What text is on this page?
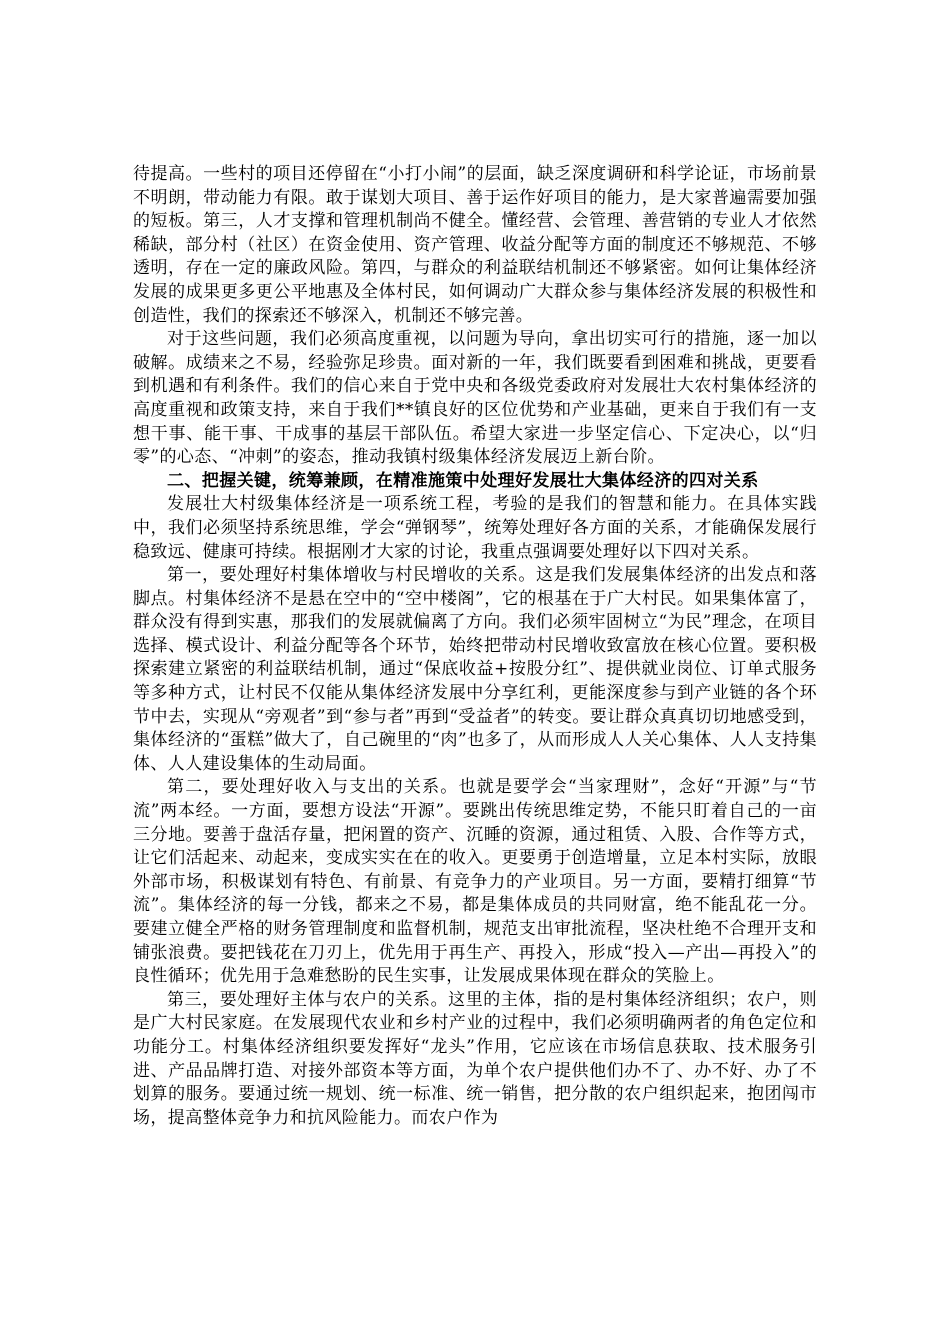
待提高。一些村的项目还停留在“小打小闹”的层面，缺乏深度调研和科学论证，市场前景不明朗，带动能力有限。敢于谋划大项目、善于运作好项目的能力，是大家普遍需要加强的短板。第三，人才支撑和管理机制尚不健全。懂经营、会管理、善营销的专业人才依然稀缺，部分村（社区）在资金使用、资产管理、收益分配等方面的制度还不够规范、不够透明，存在一定的廉政风险。第四，与群众的利益联结机制还不够紧密。如何让集体经济发展的成果更多更公平地惠及全体村民，如何调动广大群众参与集体经济发展的积极性和创造性，我们的探索还不够深入，机制还不够完善。

对于这些问题，我们必须高度重视，以问题为导向，拿出切实可行的措施，逐一加以破解。成绩来之不易，经验弥足珍贵。面对新的一年，我们既要看到困难和挑战，更要看到机遇和有利条件。我们的信心来自于党中央和各级党委政府对发展壮大农村集体经济的高度重视和政策支持，来自于我们**镇良好的区位优势和产业基础，更来自于我们有一支想干事、能干事、干成事的基层干部队伍。希望大家进一步坚定信心、下定决心，以“归零”的心态、“冲刺”的姿态，推动我镇村级集体经济发展迈上新台阶。

二、把握关键，统筹兼顾，在精准施策中处理好发展壮大集体经济的四对关系

发展壮大村级集体经济是一项系统工程，考验的是我们的智慧和能力。在具体实践中，我们必须坚持系统思维，学会“弹钢琴”，统筹处理好各方面的关系，才能确保发展行稳致远、健康可持续。根据刚才大家的讨论，我重点强调要处理好以下四对关系。

第一，要处理好村集体增收与村民增收的关系。这是我们发展集体经济的出发点和落脚点。村集体经济不是悬在空中的“空中楼阁”，它的根基在于广大村民。如果集体富了，群众没有得到实惠，那我们的发展就偏离了方向。我们必须牢固树立“为民”理念，在项目选择、模式设计、利益分配等各个环节，始终把带动村民增收致富放在核心位置。要积极探索建立紧密的利益联结机制，通过“保底收益+按股分红”、提供就业岗位、订单式服务等多种方式，让村民不仅能从集体经济发展中分享红利，更能深度参与到产业链的各个环节中去，实现从“旁观者”到“参与者”再到“受益者”的转变。要让群众真真切切地感受到，集体经济的“蛋糕”做大了，自己碗里的“肉”也多了，从而形成人人关心集体、人人支持集体、人人建设集体的生动局面。

第二，要处理好收入与支出的关系。也就是要学会“当家理财”，念好“开源”与“节流”两本经。一方面，要想方设法“开源”。要跳出传统思维定势，不能只盯着自己的一亩三分地。要善于盘活存量，把闲置的资产、沉睡的资源，通过租赁、入股、合作等方式，让它们活起来、动起来，变成实实在在的收入。更要勇于创造增量，立足本村实际，放眼外部市场，积极谋划有特色、有前景、有竞争力的产业项目。另一方面，要精打细算“节流”。集体经济的每一分钱，都来之不易，都是集体成员的共同财富，绝不能乱花一分。要建立健全严格的财务管理制度和监督机制，规范支出审批流程，坚决杜绝不合理开支和铺张浪费。要把钱花在刀刃上，优先用于再生产、再投入，形成“投入—产出—再投入”的良性循环；优先用于急难愁盼的民生实事，让发展成果体现在群众的笑脸上。

第三，要处理好主体与农户的关系。这里的主体，指的是村集体经济组织；农户，则是广大村民家庭。在发展现代农业和乡村产业的过程中，我们必须明确两者的角色定位和功能分工。村集体经济组织要发挥好“龙头”作用，它应该在市场信息获取、技术服务引进、产品品牌打造、对接外部资本等方面，为单个农户提供他们办不了、办不好、办了不划算的服务。要通过统一规划、统一标准、统一销售，把分散的农户组织起来，抱团闯市场，提高整体竞争力和抗风险能力。而农户作为
